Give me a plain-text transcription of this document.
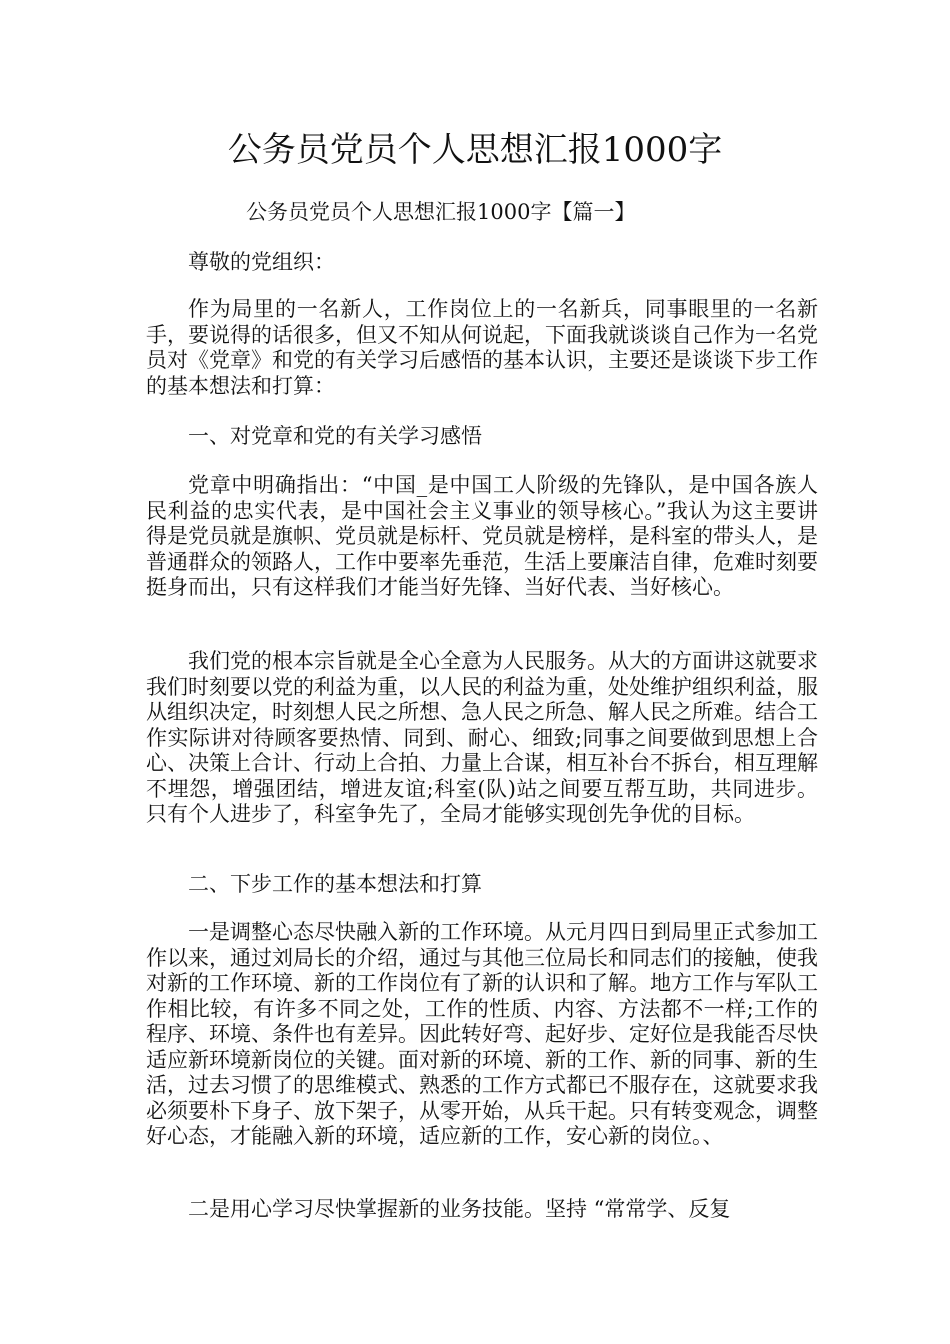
公务员党员个人思想汇报1000字
公务员党员个人思想汇报1000字【篇一】

尊敬的党组织：

作为局里的一名新人，工作岗位上的一名新兵，同事眼里的一名新手，要说得的话很多，但又不知从何说起，下面我就谈谈自己作为一名党员对《党章》和党的有关学习后感悟的基本认识，主要还是谈谈下步工作的基本想法和打算：

一、对党章和党的有关学习感悟

党章中明确指出：“中国_是中国工人阶级的先锋队，是中国各族人民利益的忠实代表，是中国社会主义事业的领导核心。”我认为这主要讲得是党员就是旗帜、党员就是标杆、党员就是榜样，是科室的带头人，是普通群众的领路人，工作中要率先垂范，生活上要廉洁自律，危难时刻要挺身而出，只有这样我们才能当好先锋、当好代表、当好核心。

我们党的根本宗旨就是全心全意为人民服务。从大的方面讲这就要求我们时刻要以党的利益为重，以人民的利益为重，处处维护组织利益，服从组织决定，时刻想人民之所想、急人民之所急、解人民之所难。结合工作实际讲对待顾客要热情、同到、耐心、细致;同事之间要做到思想上合心、决策上合计、行动上合拍、力量上合谋，相互补台不拆台，相互理解不埋怨，增强团结，增进友谊;科室(队)站之间要互帮互助，共同进步。只有个人进步了，科室争先了，全局才能够实现创先争优的目标。

二、下步工作的基本想法和打算

一是调整心态尽快融入新的工作环境。从元月四日到局里正式参加工作以来，通过刘局长的介绍，通过与其他三位局长和同志们的接触，使我对新的工作环境、新的工作岗位有了新的认识和了解。地方工作与军队工作相比较，有许多不同之处，工作的性质、内容、方法都不一样;工作的程序、环境、条件也有差异。因此转好弯、起好步、定好位是我能否尽快适应新环境新岗位的关键。面对新的环境、新的工作、新的同事、新的生活，过去习惯了的思维模式、熟悉的工作方式都已不服存在，这就要求我必须要朴下身子、放下架子，从零开始，从兵干起。只有转变观念，调整好心态，才能融入新的环境，适应新的工作，安心新的岗位。、

二是用心学习尽快掌握新的业务技能。坚持 “常常学、反复
